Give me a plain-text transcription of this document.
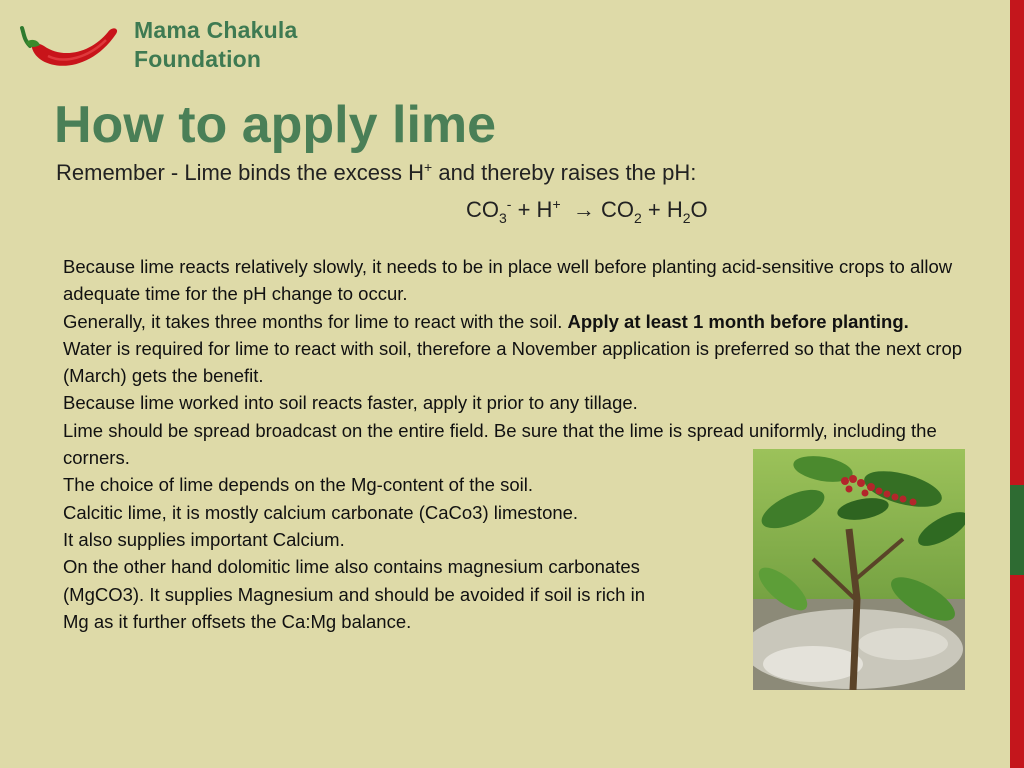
Mama Chakula
Foundation
How to apply lime
Remember - Lime binds the excess H+ and thereby raises the pH:
$CO_3^- + H^+ \to CO_2 + H_2O$

Because lime reacts relatively slowly, it needs to be in place well before planting acid-sensitive crops to allow adequate time for the pH change to occur.

Generally, it takes three months for lime to react with the soil. Apply at least 1 month before planting.

Water is required for lime to react with soil, therefore a November application is preferred so that the next crop (March) gets the benefit.

Because lime worked into soil reacts faster, apply it prior to any tillage.

Lime should be spread broadcast on the entire field. Be sure that the lime is spread uniformly, including the corners.

The choice of lime depends on the Mg-content of the soil.

Calcitic lime, it is mostly calcium carbonate (CaCo3) limestone.

It also supplies important Calcium.

On the other hand dolomitic lime also contains magnesium carbonates (MgCO3). It supplies Magnesium and should be avoided if soil is rich in Mg as it further offsets the Ca:Mg balance.
